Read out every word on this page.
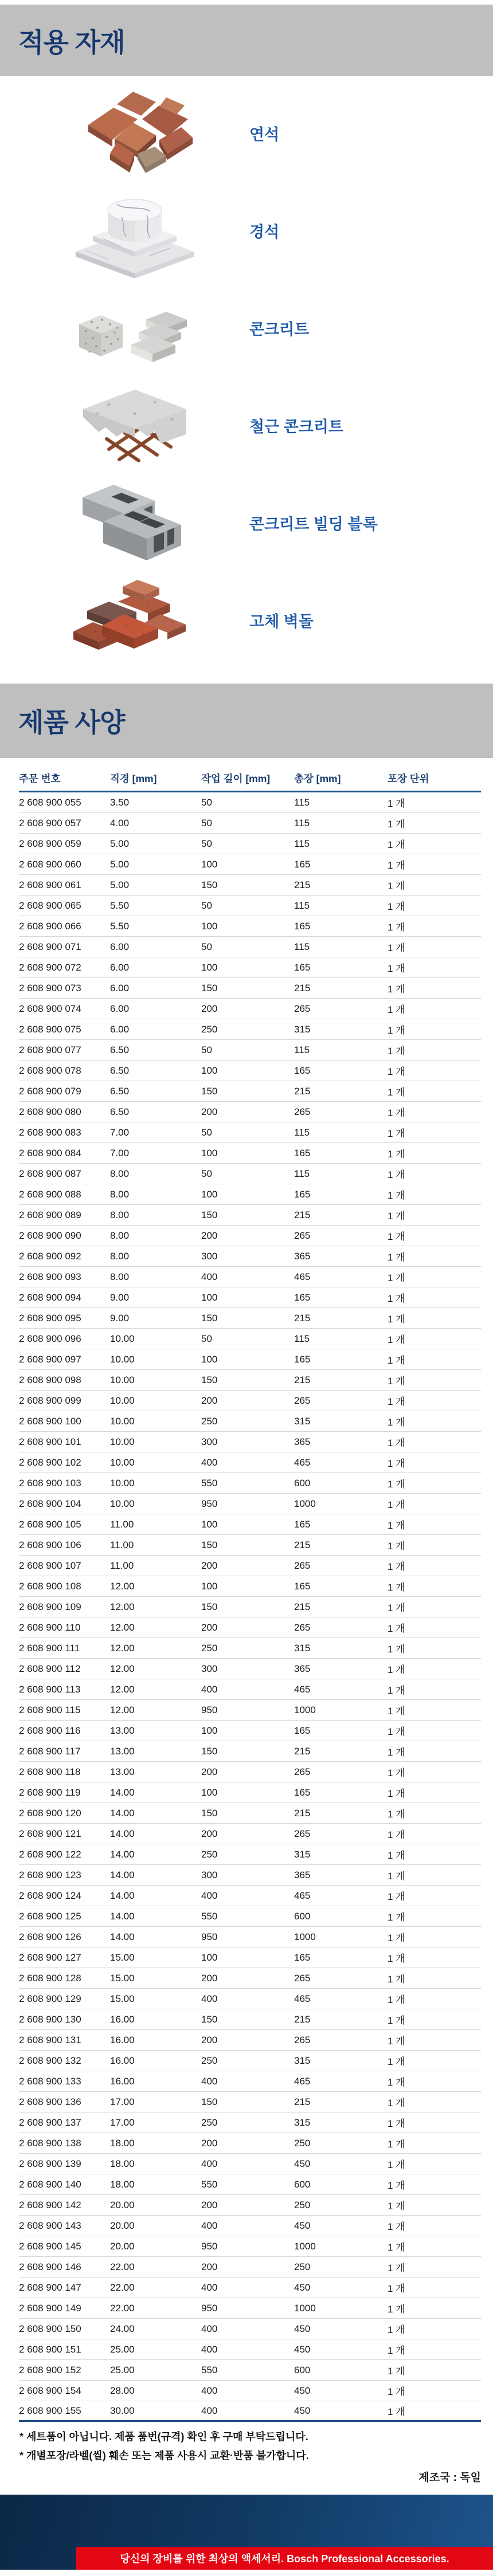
적용 자재
연석
경석
콘크리트
철근 콘크리트
콘크리트 빌딩 블록
고체 벽돌
제품 사양
주문 번호	직경 [mm]	작업 길이 [mm]	총장 [mm]	포장 단위
2 608 900 055	3.50	50	115	1 개
2 608 900 057	4.00	50	115	1 개
2 608 900 059	5.00	50	115	1 개
2 608 900 060	5.00	100	165	1 개
2 608 900 061	5.00	150	215	1 개
2 608 900 065	5.50	50	115	1 개
2 608 900 066	5.50	100	165	1 개
2 608 900 071	6.00	50	115	1 개
2 608 900 072	6.00	100	165	1 개
2 608 900 073	6.00	150	215	1 개
2 608 900 074	6.00	200	265	1 개
2 608 900 075	6.00	250	315	1 개
2 608 900 077	6.50	50	115	1 개
2 608 900 078	6.50	100	165	1 개
2 608 900 079	6.50	150	215	1 개
2 608 900 080	6.50	200	265	1 개
2 608 900 083	7.00	50	115	1 개
2 608 900 084	7.00	100	165	1 개
2 608 900 087	8.00	50	115	1 개
2 608 900 088	8.00	100	165	1 개
2 608 900 089	8.00	150	215	1 개
2 608 900 090	8.00	200	265	1 개
2 608 900 092	8.00	300	365	1 개
2 608 900 093	8.00	400	465	1 개
2 608 900 094	9.00	100	165	1 개
2 608 900 095	9.00	150	215	1 개
2 608 900 096	10.00	50	115	1 개
2 608 900 097	10.00	100	165	1 개
2 608 900 098	10.00	150	215	1 개
2 608 900 099	10.00	200	265	1 개
2 608 900 100	10.00	250	315	1 개
2 608 900 101	10.00	300	365	1 개
2 608 900 102	10.00	400	465	1 개
2 608 900 103	10.00	550	600	1 개
2 608 900 104	10.00	950	1000	1 개
2 608 900 105	11.00	100	165	1 개
2 608 900 106	11.00	150	215	1 개
2 608 900 107	11.00	200	265	1 개
2 608 900 108	12.00	100	165	1 개
2 608 900 109	12.00	150	215	1 개
2 608 900 110	12.00	200	265	1 개
2 608 900 111	12.00	250	315	1 개
2 608 900 112	12.00	300	365	1 개
2 608 900 113	12.00	400	465	1 개
2 608 900 115	12.00	950	1000	1 개
2 608 900 116	13.00	100	165	1 개
2 608 900 117	13.00	150	215	1 개
2 608 900 118	13.00	200	265	1 개
2 608 900 119	14.00	100	165	1 개
2 608 900 120	14.00	150	215	1 개
2 608 900 121	14.00	200	265	1 개
2 608 900 122	14.00	250	315	1 개
2 608 900 123	14.00	300	365	1 개
2 608 900 124	14.00	400	465	1 개
2 608 900 125	14.00	550	600	1 개
2 608 900 126	14.00	950	1000	1 개
2 608 900 127	15.00	100	165	1 개
2 608 900 128	15.00	200	265	1 개
2 608 900 129	15.00	400	465	1 개
2 608 900 130	16.00	150	215	1 개
2 608 900 131	16.00	200	265	1 개
2 608 900 132	16.00	250	315	1 개
2 608 900 133	16.00	400	465	1 개
2 608 900 136	17.00	150	215	1 개
2 608 900 137	17.00	250	315	1 개
2 608 900 138	18.00	200	250	1 개
2 608 900 139	18.00	400	450	1 개
2 608 900 140	18.00	550	600	1 개
2 608 900 142	20.00	200	250	1 개
2 608 900 143	20.00	400	450	1 개
2 608 900 145	20.00	950	1000	1 개
2 608 900 146	22.00	200	250	1 개
2 608 900 147	22.00	400	450	1 개
2 608 900 149	22.00	950	1000	1 개
2 608 900 150	24.00	400	450	1 개
2 608 900 151	25.00	400	450	1 개
2 608 900 152	25.00	550	600	1 개
2 608 900 154	28.00	400	450	1 개
2 608 900 155	30.00	400	450	1 개
* 세트품이 아닙니다. 제품 품번(규격) 확인 후 구매 부탁드립니다.
* 개별포장/라벨(씰) 훼손 또는 제품 사용시 교환·반품 불가합니다.
제조국 : 독일
당신의 장비를 위한 최상의 액세서리. Bosch Professional Accessories.
